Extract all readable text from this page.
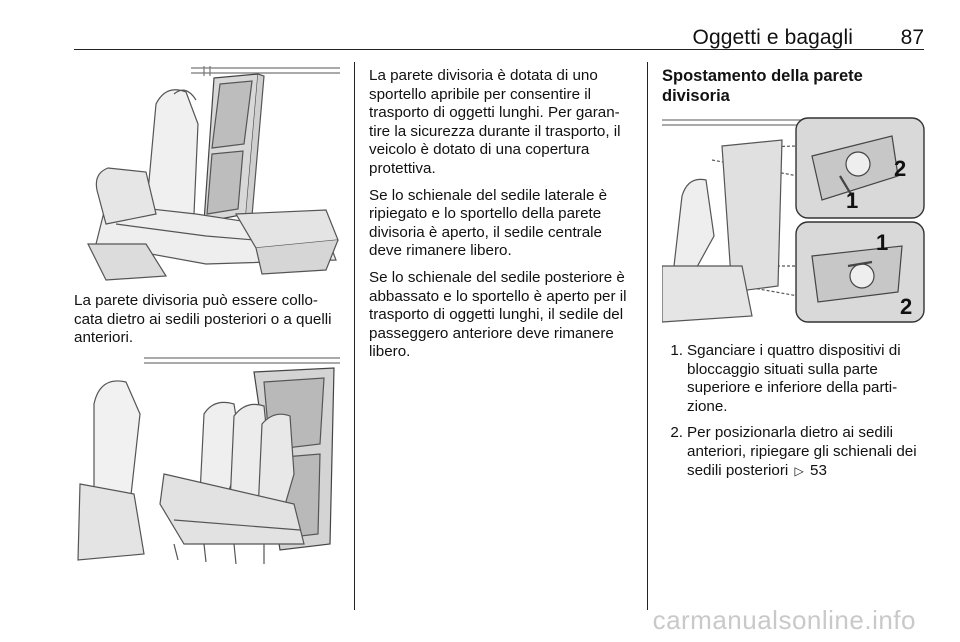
Oggetti e bagagli 87

La parete divisoria può essere collo-cata dietro ai sedili posteriori o a quelli anteriori.

La parete divisoria è dotata di uno sportello apribile per consentire il trasporto di oggetti lunghi. Per garan-tire la sicurezza durante il trasporto, il veicolo è dotato di una copertura protettiva.

Se lo schienale del sedile laterale è ripiegato e lo sportello della parete divisoria è aperto, il sedile centrale deve rimanere libero.

Se lo schienale del sedile posteriore è abbassato e lo sportello è aperto per il trasporto di oggetti lunghi, il sedile del passeggero anteriore deve rimanere libero.

Spostamento della parete divisoria
2
1
1
2
1. Sganciare i quattro dispositivi di bloccaggio situati sulla parte superiore e inferiore della parti-zione.
2. Per posizionarla dietro ai sedili anteriori, ripiegare gli schienali dei sedili posteriori ▷ 53
carmanualsonline.info
